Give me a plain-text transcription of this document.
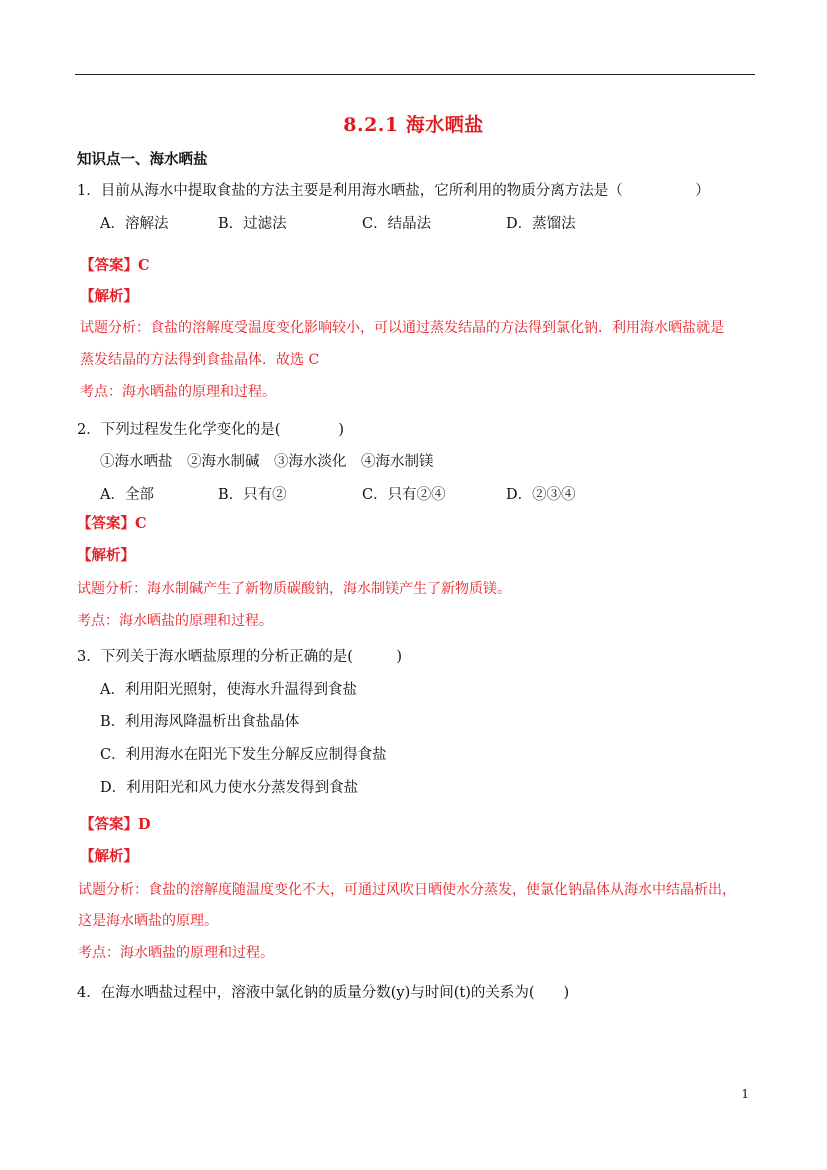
8.2.1 海水晒盐
知识点一、海水晒盐
1．目前从海水中提取食盐的方法主要是利用海水晒盐，它所利用的物质分离方法是（　　　　　）
A．溶解法	B．过滤法	C．结晶法	D．蒸馏法
【答案】C
【解析】
试题分析：食盐的溶解度受温度变化影响较小，可以通过蒸发结晶的方法得到氯化钠．利用海水晒盐就是
蒸发结晶的方法得到食盐晶体．故选 C
考点：海水晒盐的原理和过程。
2．下列过程发生化学变化的是(　　　　)
①海水晒盐　②海水制碱　③海水淡化　④海水制镁
A．全部	B．只有②	C．只有②④	D．②③④
【答案】C
【解析】
试题分析：海水制碱产生了新物质碳酸钠，海水制镁产生了新物质镁。
考点：海水晒盐的原理和过程。
3．下列关于海水晒盐原理的分析正确的是(　　　)
A．利用阳光照射，使海水升温得到食盐
B．利用海风降温析出食盐晶体
C．利用海水在阳光下发生分解反应制得食盐
D．利用阳光和风力使水分蒸发得到食盐
【答案】D
【解析】
试题分析：食盐的溶解度随温度变化不大，可通过风吹日晒使水分蒸发，使氯化钠晶体从海水中结晶析出，
这是海水晒盐的原理。
考点：海水晒盐的原理和过程。
4．在海水晒盐过程中，溶液中氯化钠的质量分数(y)与时间(t)的关系为(　　)
1
